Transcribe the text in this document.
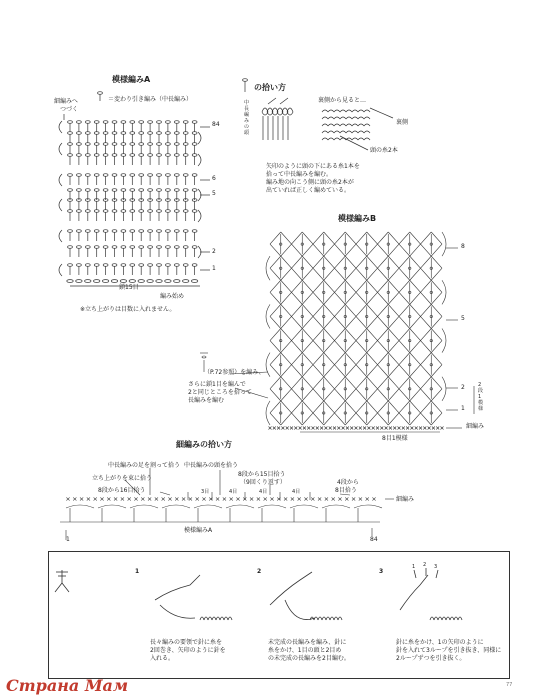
模様編みA
＝変わり引き編み（中長編み）
細編みへ
つづく
84
6
5
2
1
鎖15目
編み始め
※立ち上がりは目数に入れません。
の拾い方
裏側から見ると…
裏側
頭の糸2本
矢印のように頭の下にある糸1本を
拾って中長編みを編む。
編み地の向こう側に頭の糸2本が
出ていれば正しく編めている。
中長編みの頭
模様編みB
8
5
2
1
2段1模様
細編み
8目1模様
（P.72参照）を編み、
さらに鎖1目を編んで
2と同じところを拾って
長編みを編む
細編みの拾い方
中長編みの足を割って拾う 中長編みの頭を拾う
立ち上がりを束に拾う
8段から16目拾う
8段から15目拾う
（9回くり返す）	4段から
8目拾う
3目	4目	4目	4目
細編み
模様編みA
84
1
1	2	3
長々編みの要領で針に糸を
2回巻き、矢印のように針を
入れる。
未完成の長編みを編み、針に
糸をかけ、1目の頭と2目め
の未完成の長編みを2目編む。
針に糸をかけ、1の矢印のように
針を入れて3ループを引き抜き、同様に
2ループずつを引き抜く。
1 2 3
Страна Мам	77
